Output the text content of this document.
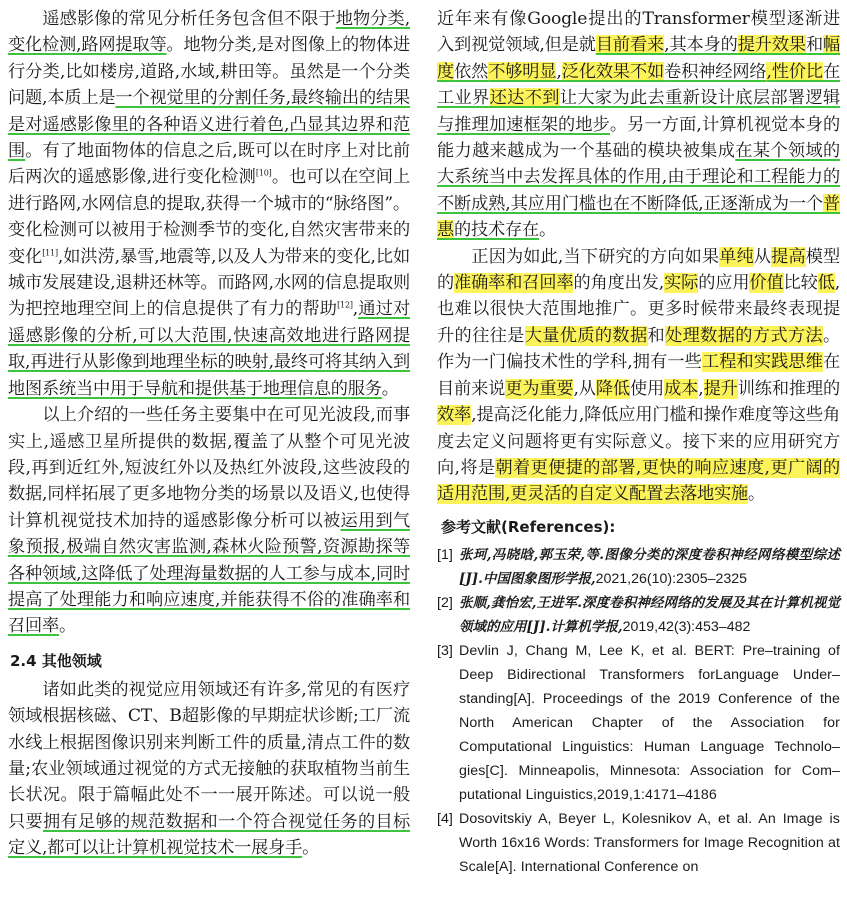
遥感影像的常见分析任务包含但不限于地物分类,变化检测,路网提取等。地物分类,是对图像上的物体进行分类,比如楼房,道路,水域,耕田等。虽然是一个分类问题,本质上是一个视觉里的分割任务,最终输出的结果是对遥感影像里的各种语义进行着色,凸显其边界和范围。有了地面物体的信息之后,既可以在时序上对比前后两次的遥感影像,进行变化检测[10]。也可以在空间上进行路网,水网信息的提取,获得一个城市的“脉络图”。变化检测可以被用于检测季节的变化,自然灾害带来的变化[11],如洪涝,暴雪,地震等,以及人为带来的变化,比如城市发展建设,退耕还林等。而路网,水网的信息提取则为把控地理空间上的信息提供了有力的帮助[12],通过对遥感影像的分析,可以大范围,快速高效地进行路网提取,再进行从影像到地理坐标的映射,最终可将其纳入到地图系统当中用于导航和提供基于地理信息的服务。

以上介绍的一些任务主要集中在可见光波段,而事实上,遥感卫星所提供的数据,覆盖了从整个可见光波段,再到近红外,短波红外以及热红外波段,这些波段的数据,同样拓展了更多地物分类的场景以及语义,也使得计算机视觉技术加持的遥感影像分析可以被运用到气象预报,极端自然灾害监测,森林火险预警,资源勘探等各种领域,这降低了处理海量数据的人工参与成本,同时提高了处理能力和响应速度,并能获得不俗的准确率和召回率。

2.4 其他领域

诸如此类的视觉应用领域还有许多,常见的有医疗领域根据核磁、CT、B超影像的早期症状诊断;工厂流水线上根据图像识别来判断工件的质量,清点工件的数量;农业领域通过视觉的方式无接触的获取植物当前生长状况。限于篇幅此处不一一展开陈述。可以说一般只要拥有足够的规范数据和一个符合视觉任务的目标定义,都可以让计算机视觉技术一展身手。

近年来有像Google提出的Transformer模型逐渐进入到视觉领域,但是就目前看来,其本身的提升效果和幅度依然不够明显,泛化效果不如卷积神经网络,性价比在工业界还达不到让大家为此去重新设计底层部署逻辑与推理加速框架的地步。另一方面,计算机视觉本身的能力越来越成为一个基础的模块被集成在某个领域的大系统当中去发挥具体的作用,由于理论和工程能力的不断成熟,其应用门槛也在不断降低,正逐渐成为一个普惠的技术存在。

正因为如此,当下研究的方向如果单纯从提高模型的准确率和召回率的角度出发,实际的应用价值比较低,也难以很快大范围地推广。更多时候带来最终表现提升的往往是大量优质的数据和处理数据的方式方法。作为一门偏技术性的学科,拥有一些工程和实践思维在目前来说更为重要,从降低使用成本,提升训练和推理的效率,提高泛化能力,降低应用门槛和操作难度等这些角度去定义问题将更有实际意义。接下来的应用研究方向,将是朝着更便捷的部署,更快的响应速度,更广阔的适用范围,更灵活的自定义配置去落地实施。

参考文献(References):
[1] 张珂,冯晓晗,郭玉荣,等.图像分类的深度卷积神经网络模型综述[J].中国图象图形学报,2021,26(10):2305–2325
[2] 张顺,龚怡宏,王进军.深度卷积神经网络的发展及其在计算机视觉领域的应用[J].计算机学报,2019,42(3):453–482
[3] Devlin J, Chang M, Lee K, et al. BERT: Pre–training of Deep Bidirectional Transformers forLanguage Under–standing[A]. Proceedings of the 2019 Conference of the North American Chapter of the Association for Computational Linguistics: Human Language Technolo–gies[C]. Minneapolis, Minnesota: Association for Com–putational Linguistics,2019,1:4171–4186
[4] Dosovitskiy A, Beyer L, Kolesnikov A, et al. An Image is Worth 16x16 Words: Transformers for Image Recognition at Scale[A]. International Conference on
